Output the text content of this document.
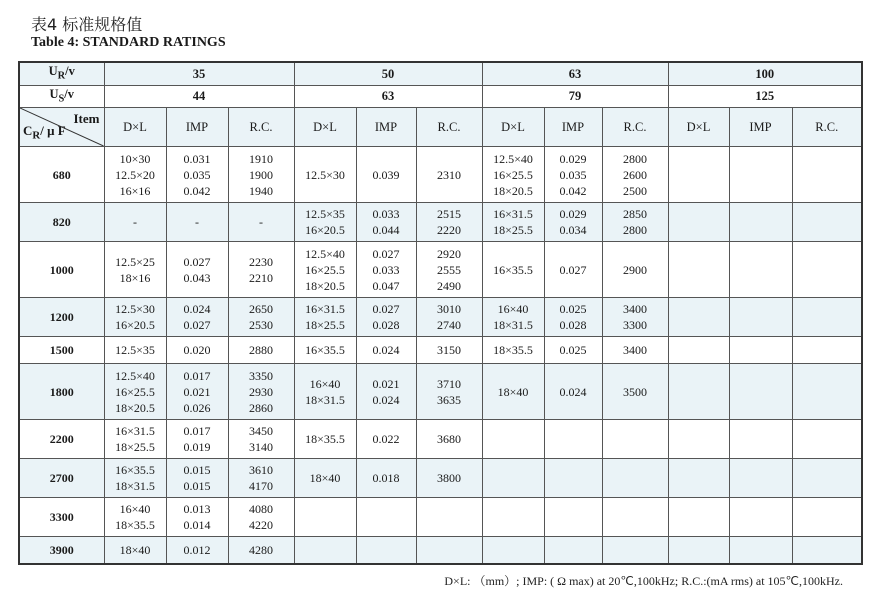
表4 标准规格值
Table 4: STANDARD RATINGS
$U_R/v$	35			50			63			100		
$U_S/v$	44			63			79			125		

Item
$C_R/$ μ F	D×L	IMP	R.C.	D×L	IMP	R.C.	D×L	IMP	R.C.	D×L	IMP	R.C.
680	10×30
12.5×20
16×16	0.031
0.035
0.042	1910
1900
1940	12.5×30	0.039	2310	12.5×40
16×25.5
18×20.5	0.029
0.035
0.042	2800
2600
2500			

820	-	-	-	12.5×35
16×20.5	0.033
0.044	2515
2220	16×31.5
18×25.5	0.029
0.034	2850
2800			

1000	12.5×25
18×16	0.027
0.043	2230
2210	12.5×40
16×25.5
18×20.5	0.027
0.033
0.047	2920
2555
2490	16×35.5	0.027	2900			

1200	12.5×30
16×20.5	0.024
0.027	2650
2530	16×31.5
18×25.5	0.027
0.028	3010
2740	16×40
18×31.5	0.025
0.028	3400
3300			

1500	12.5×35	0.020	2880	16×35.5	0.024	3150	18×35.5	0.025	3400			

1800	12.5×40
16×25.5
18×20.5	0.017
0.021
0.026	3350
2930
2860	16×40
18×31.5	0.021
0.024	3710
3635	18×40	0.024	3500			

2200	16×31.5
18×25.5	0.017
0.019	3450
3140	18×35.5	0.022	3680						

2700	16×35.5
18×31.5	0.015
0.015	3610
4170	18×40	0.018	3800						

3300	16×40
18×35.5	0.013
0.014	4080
4220									

3900	18×40	0.012	4280									

D×L: （mm）; IMP: ( Ω max) at 20℃,100kHz; R.C.:(mA rms) at 105℃,100kHz.
